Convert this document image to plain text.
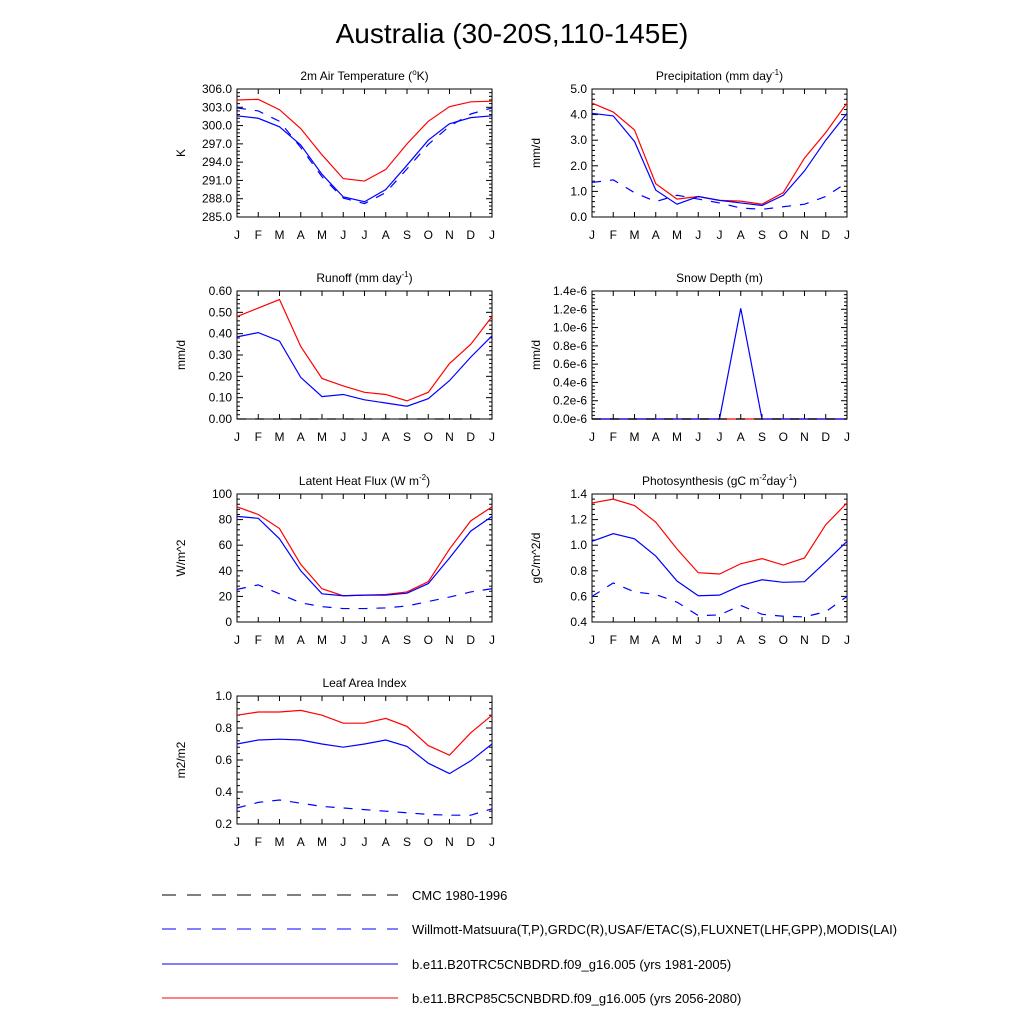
Australia (30-20S,110-145E)
J F M A M J J A S O N D J
285.0
288.0
291.0
294.0
297.0
300.0
303.0
306.0
2m Air Temperature ($^o$K)
K
J F M A M J J A S O N D J
0.0
1.0
2.0
3.0
4.0
5.0
Precipitation (mm day$^{-1}$)
mm/d
J F M A M J J A S O N D J
0.00
0.10
0.20
0.30
0.40
0.50
0.60
Runoff (mm day$^{-1}$)
mm/d
J F M A M J J A S O N D J
0.0e-6
0.2e-6
0.4e-6
0.6e-6
0.8e-6
1.0e-6
1.2e-6
1.4e-6
Snow Depth (m)
mm/d
J F M A M J J A S O N D J
0
20
40
60
80
100
Latent Heat Flux (W $m^{-2}$)
W/m^2
J F M A M J J A S O N D J
0.4
0.6
0.8
1.0
1.2
1.4
Photosynthesis (gC $m^{-2}day^{-1}$)
gC/m^2/d
J F M A M J J A S O N D J
0.2
0.4
0.6
0.8
1.0
Leaf Area Index
m2/m2
CMC 1980-1996
Willmott-Matsuura(T,P),GRDC(R),USAF/ETAC(S),FLUXNET(LHF,GPP),MODIS(LAI)
b.e11.B20TRC5CNBDRD.f09_g16.005 (yrs 1981-2005)
b.e11.BRCP85C5CNBDRD.f09_g16.005 (yrs 2056-2080)
